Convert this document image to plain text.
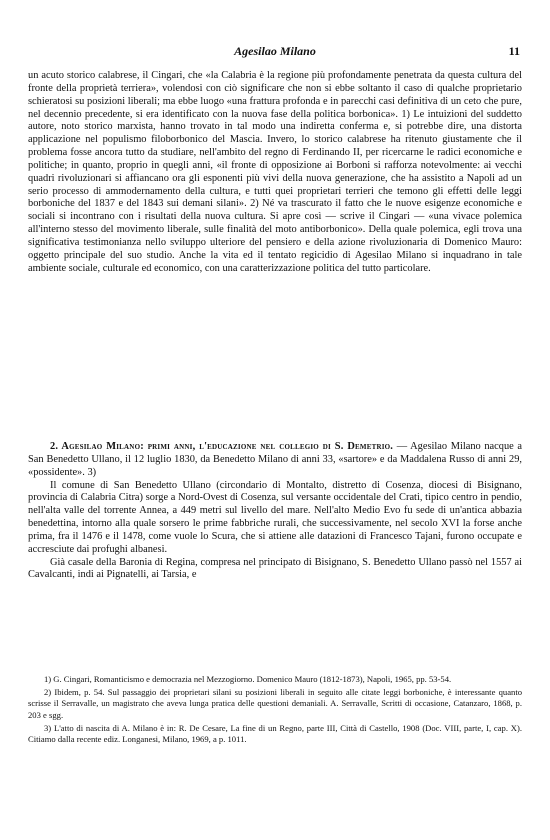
Agesilao Milano	11

un acuto storico calabrese, il Cingari, che «la Calabria è la regione più profondamente penetrata da questa cultura del fronte della proprietà terriera», volendosi con ciò significare che non si ebbe soltanto il caso di qualche proprietario schieratosi su posizioni liberali; ma ebbe luogo «una frattura profonda e in parecchi casi definitiva di un ceto che pure, nel decennio precedente, si era identificato con la nuova fase della politica borbonica». 1) Le intuizioni del suddetto autore, noto storico marxista, hanno trovato in tal modo una indiretta conferma e, si potrebbe dire, una distorta applicazione nel populismo filoborbonico del Mascia. Invero, lo storico calabrese ha ritenuto giustamente che il problema fosse ancora tutto da studiare, nell'ambito del regno di Ferdinando II, per ricercarne le radici economiche e politiche; in quanto, proprio in quegli anni, «il fronte di opposizione ai Borboni si rafforza notevolmente: ai vecchi quadri rivoluzionari si affiancano ora gli esponenti più vivi della nuova generazione, che ha assistito a Napoli ad un serio processo di ammodernamento della cultura, e tutti quei proprietari terrieri che temono gli effetti delle leggi borboniche del 1837 e del 1843 sui demani silani». 2) Né va trascurato il fatto che le nuove esigenze economiche e sociali si incontrano con i risultati della nuova cultura. Si apre così — scrive il Cingari — «una vivace polemica all'interno stesso del movimento liberale, sulle finalità del moto antiborbonico». Della quale polemica, egli trova una significativa testimonianza nello sviluppo ulteriore del pensiero e della azione rivoluzionaria di Domenico Mauro: oggetto principale del suo studio. Anche la vita ed il tentato regicidio di Agesilao Milano si inquadrano in tale ambiente sociale, culturale ed economico, con una caratterizzazione politica del tutto particolare.

2. Agesilao Milano: primi anni, l'educazione nel collegio di S. Demetrio. — Agesilao Milano nacque a San Benedetto Ullano, il 12 luglio 1830, da Benedetto Milano di anni 33, «sartore» e da Maddalena Russo di anni 29, «possidente». 3)

Il comune di San Benedetto Ullano (circondario di Montalto, distretto di Cosenza, diocesi di Bisignano, provincia di Calabria Citra) sorge a Nord-Ovest di Cosenza, sul versante occidentale del Crati, tipico centro in pendio, nell'alta valle del torrente Annea, a 449 metri sul livello del mare. Nell'alto Medio Evo fu sede di un'antica abbazia benedettina, intorno alla quale sorsero le prime fabbriche rurali, che successivamente, nel secolo XVI la forse anche prima, fra il 1476 e il 1478, come vuole lo Scura, che si attiene alle datazioni di Francesco Tajani, furono occupate e accresciute dai profughi albanesi.

Già casale della Baronia di Regina, compresa nel principato di Bisignano, S. Benedetto Ullano passò nel 1557 ai Cavalcanti, indi ai Pignatelli, ai Tarsia, e

1) G. Cingari, Romanticismo e democrazia nel Mezzogiorno. Domenico Mauro (1812-1873), Napoli, 1965, pp. 53-54.

2) Ibidem, p. 54. Sul passaggio dei proprietari silani su posizioni liberali in seguito alle citate leggi borboniche, è interessante quanto scrisse il Serravalle, un magistrato che aveva lunga pratica delle questioni demaniali. A. Serravalle, Scritti di occasione, Catanzaro, 1868, p. 203 e sgg.

3) L'atto di nascita di A. Milano è in: R. De Cesare, La fine di un Regno, parte III, Città di Castello, 1908 (Doc. VIII, parte, I, cap. X). Citiamo dalla recente ediz. Longanesi, Milano, 1969, a p. 1011.
